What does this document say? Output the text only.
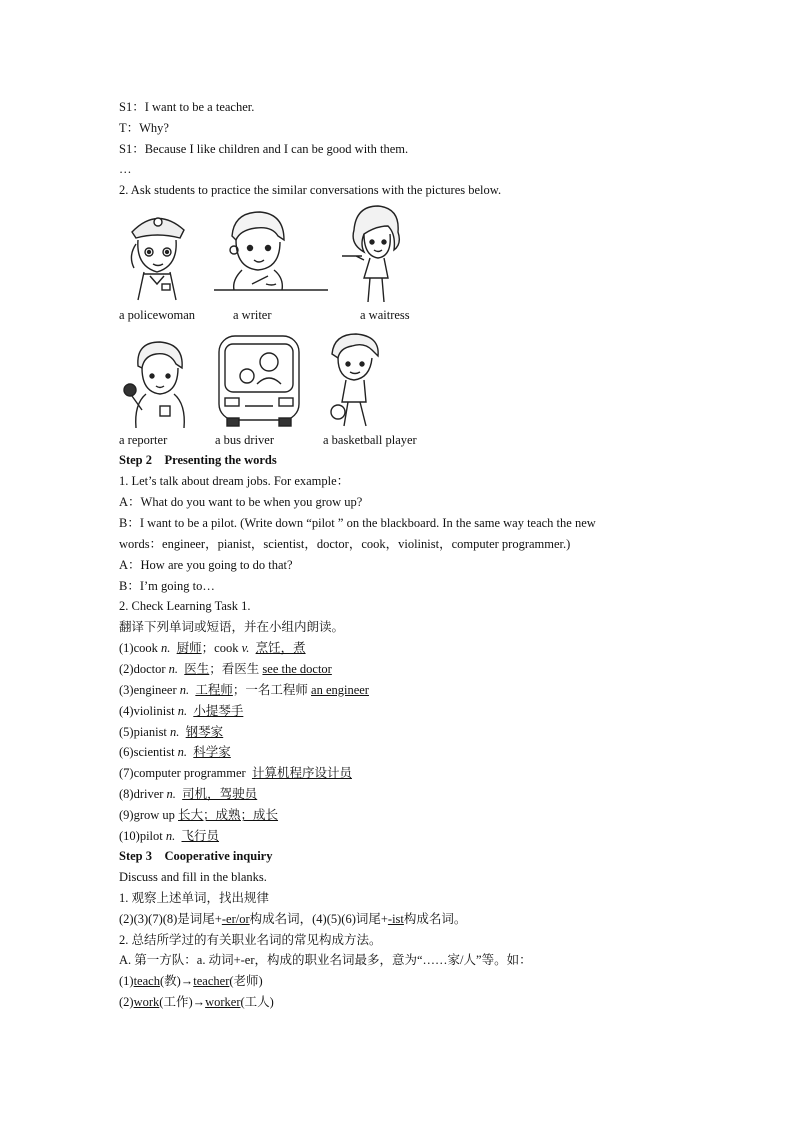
S1：I want to be a teacher.
T：Why?
S1：Because I like children and I can be good with them.
…
2. Ask students to practice the similar conversations with the pictures below.
a policewoman	a writer	a waitress
a reporter	a bus driver	a basketball player
Step 2　Presenting the words
1. Let’s talk about dream jobs. For example：
A：What do you want to be when you grow up?
B：I want to be a pilot. (Write down “pilot ” on the blackboard. In the same way teach the new
words：engineer，pianist，scientist，doctor，cook，violinist，computer programmer.)
A：How are you going to do that?
B：I’m going to…
2. Check Learning Task 1.
翻译下列单词或短语，并在小组内朗读。
(1)cook n. 厨师；cook v. 烹饪，煮
(2)doctor n. 医生；看医生 see the doctor
(3)engineer n. 工程师；一名工程师 an engineer
(4)violinist n. 小提琴手
(5)pianist n. 钢琴家
(6)scientist n. 科学家
(7)computer programmer  计算机程序设计员
(8)driver n. 司机，驾驶员
(9)grow up 长大；成熟；成长
(10)pilot n. 飞行员
Step 3　Cooperative inquiry
Discuss and fill in the blanks.
1. 观察上述单词，找出规律
(2)(3)(7)(8)是词尾+-er/or构成名词，(4)(5)(6)词尾+-ist构成名词。
2. 总结所学过的有关职业名词的常见构成方法。
A. 第一方队：a. 动词+-er，构成的职业名词最多，意为“……家/人”等。如：
(1)teach(教)→teacher(老师)
(2)work(工作)→worker(工人)
